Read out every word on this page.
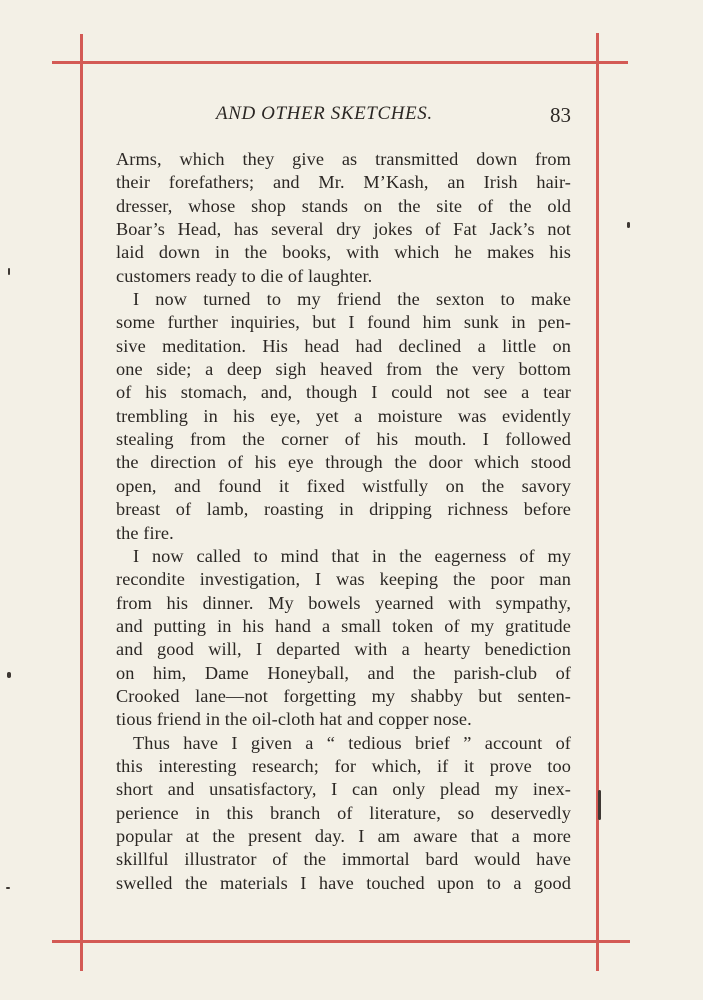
AND OTHER SKETCHES.	83
Arms, which they give as transmitted down from
their forefathers; and Mr. M’Kash, an Irish hair-
dresser, whose shop stands on the site of the old
Boar’s Head, has several dry jokes of Fat Jack’s not
laid down in the books, with which he makes his
customers ready to die of laughter.
I now turned to my friend the sexton to make
some further inquiries, but I found him sunk in pen-
sive meditation. His head had declined a little on
one side; a deep sigh heaved from the very bottom
of his stomach, and, though I could not see a tear
trembling in his eye, yet a moisture was evidently
stealing from the corner of his mouth. I followed
the direction of his eye through the door which stood
open, and found it fixed wistfully on the savory
breast of lamb, roasting in dripping richness before
the fire.
I now called to mind that in the eagerness of my
recondite investigation, I was keeping the poor man
from his dinner. My bowels yearned with sympathy,
and putting in his hand a small token of my gratitude
and good will, I departed with a hearty benediction
on him, Dame Honeyball, and the parish-club of
Crooked lane—not forgetting my shabby but senten-
tious friend in the oil-cloth hat and copper nose.
Thus have I given a “ tedious brief ” account of
this interesting research; for which, if it prove too
short and unsatisfactory, I can only plead my inex-
perience in this branch of literature, so deservedly
popular at the present day. I am aware that a more
skillful illustrator of the immortal bard would have
swelled the materials I have touched upon to a good
